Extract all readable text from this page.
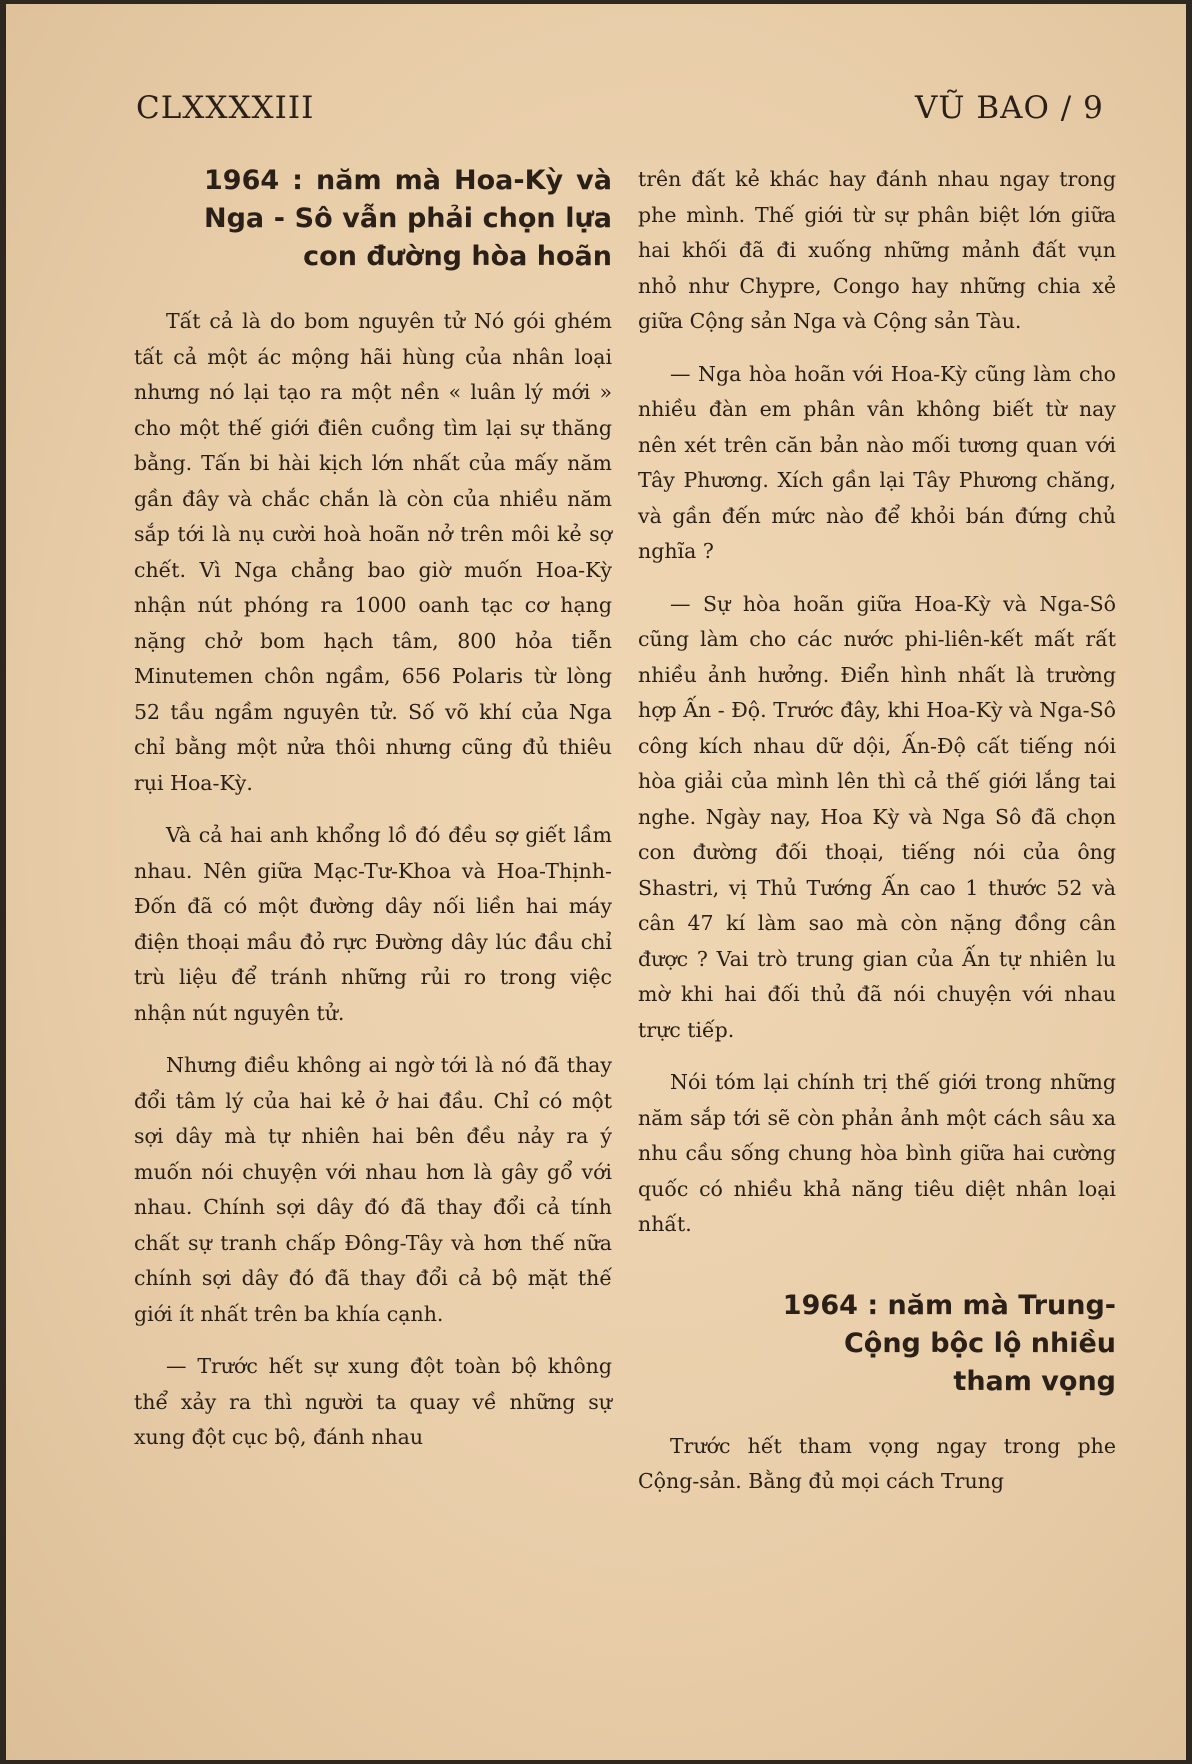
CLXXXXIII	VŨ BAO / 9
1964 : năm mà Hoa-Kỳ và Nga - Sô vẫn phải chọn lựa con đường hòa hoãn

Tất cả là do bom nguyên tử Nó gói ghém tất cả một ác mộng hãi hùng của nhân loại nhưng nó lại tạo ra một nền « luân lý mới » cho một thế giới điên cuồng tìm lại sự thăng bằng. Tấn bi hài kịch lớn nhất của mấy năm gần đây và chắc chắn là còn của nhiều năm sắp tới là nụ cười hoà hoãn nở trên môi kẻ sợ chết. Vì Nga chẳng bao giờ muốn Hoa-Kỳ nhận nút phóng ra 1000 oanh tạc cơ hạng nặng chở bom hạch tâm, 800 hỏa tiễn Minutemen chôn ngầm, 656 Polaris từ lòng 52 tầu ngầm nguyên tử. Số võ khí của Nga chỉ bằng một nửa thôi nhưng cũng đủ thiêu rụi Hoa-Kỳ.

Và cả hai anh khổng lồ đó đều sợ giết lầm nhau. Nên giữa Mạc-Tư-Khoa và Hoa-Thịnh-Đốn đã có một đường dây nối liền hai máy điện thoại mầu đỏ rực Đường dây lúc đầu chỉ trù liệu để tránh những rủi ro trong việc nhận nút nguyên tử.

Nhưng điều không ai ngờ tới là nó đã thay đổi tâm lý của hai kẻ ở hai đầu. Chỉ có một sợi dây mà tự nhiên hai bên đều nảy ra ý muốn nói chuyện với nhau hơn là gây gổ với nhau. Chính sợi dây đó đã thay đổi cả tính chất sự tranh chấp Đông-Tây và hơn thế nữa chính sợi dây đó đã thay đổi cả bộ mặt thế giới ít nhất trên ba khía cạnh.

— Trước hết sự xung đột toàn bộ không thể xảy ra thì người ta quay về những sự xung đột cục bộ, đánh nhau

trên đất kẻ khác hay đánh nhau ngay trong phe mình. Thế giới từ sự phân biệt lớn giữa hai khối đã đi xuống những mảnh đất vụn nhỏ như Chypre, Congo hay những chia xẻ giữa Cộng sản Nga và Cộng sản Tàu.

— Nga hòa hoãn với Hoa-Kỳ cũng làm cho nhiều đàn em phân vân không biết từ nay nên xét trên căn bản nào mối tương quan với Tây Phương. Xích gần lại Tây Phương chăng, và gần đến mức nào để khỏi bán đứng chủ nghĩa ?

— Sự hòa hoãn giữa Hoa-Kỳ và Nga-Sô cũng làm cho các nước phi-liên-kết mất rất nhiều ảnh hưởng. Điển hình nhất là trường hợp Ấn - Độ. Trước đây, khi Hoa-Kỳ và Nga-Sô công kích nhau dữ dội, Ấn-Độ cất tiếng nói hòa giải của mình lên thì cả thế giới lắng tai nghe. Ngày nay, Hoa Kỳ và Nga Sô đã chọn con đường đối thoại, tiếng nói của ông Shastri, vị Thủ Tướng Ấn cao 1 thước 52 và cân 47 kí làm sao mà còn nặng đồng cân được ? Vai trò trung gian của Ấn tự nhiên lu mờ khi hai đối thủ đã nói chuyện với nhau trực tiếp.

Nói tóm lại chính trị thế giới trong những năm sắp tới sẽ còn phản ảnh một cách sâu xa nhu cầu sống chung hòa bình giữa hai cường quốc có nhiều khả năng tiêu diệt nhân loại nhất.

1964 : năm mà Trung-Cộng bộc lộ nhiều tham vọng

Trước hết tham vọng ngay trong phe Cộng-sản. Bằng đủ mọi cách Trung
